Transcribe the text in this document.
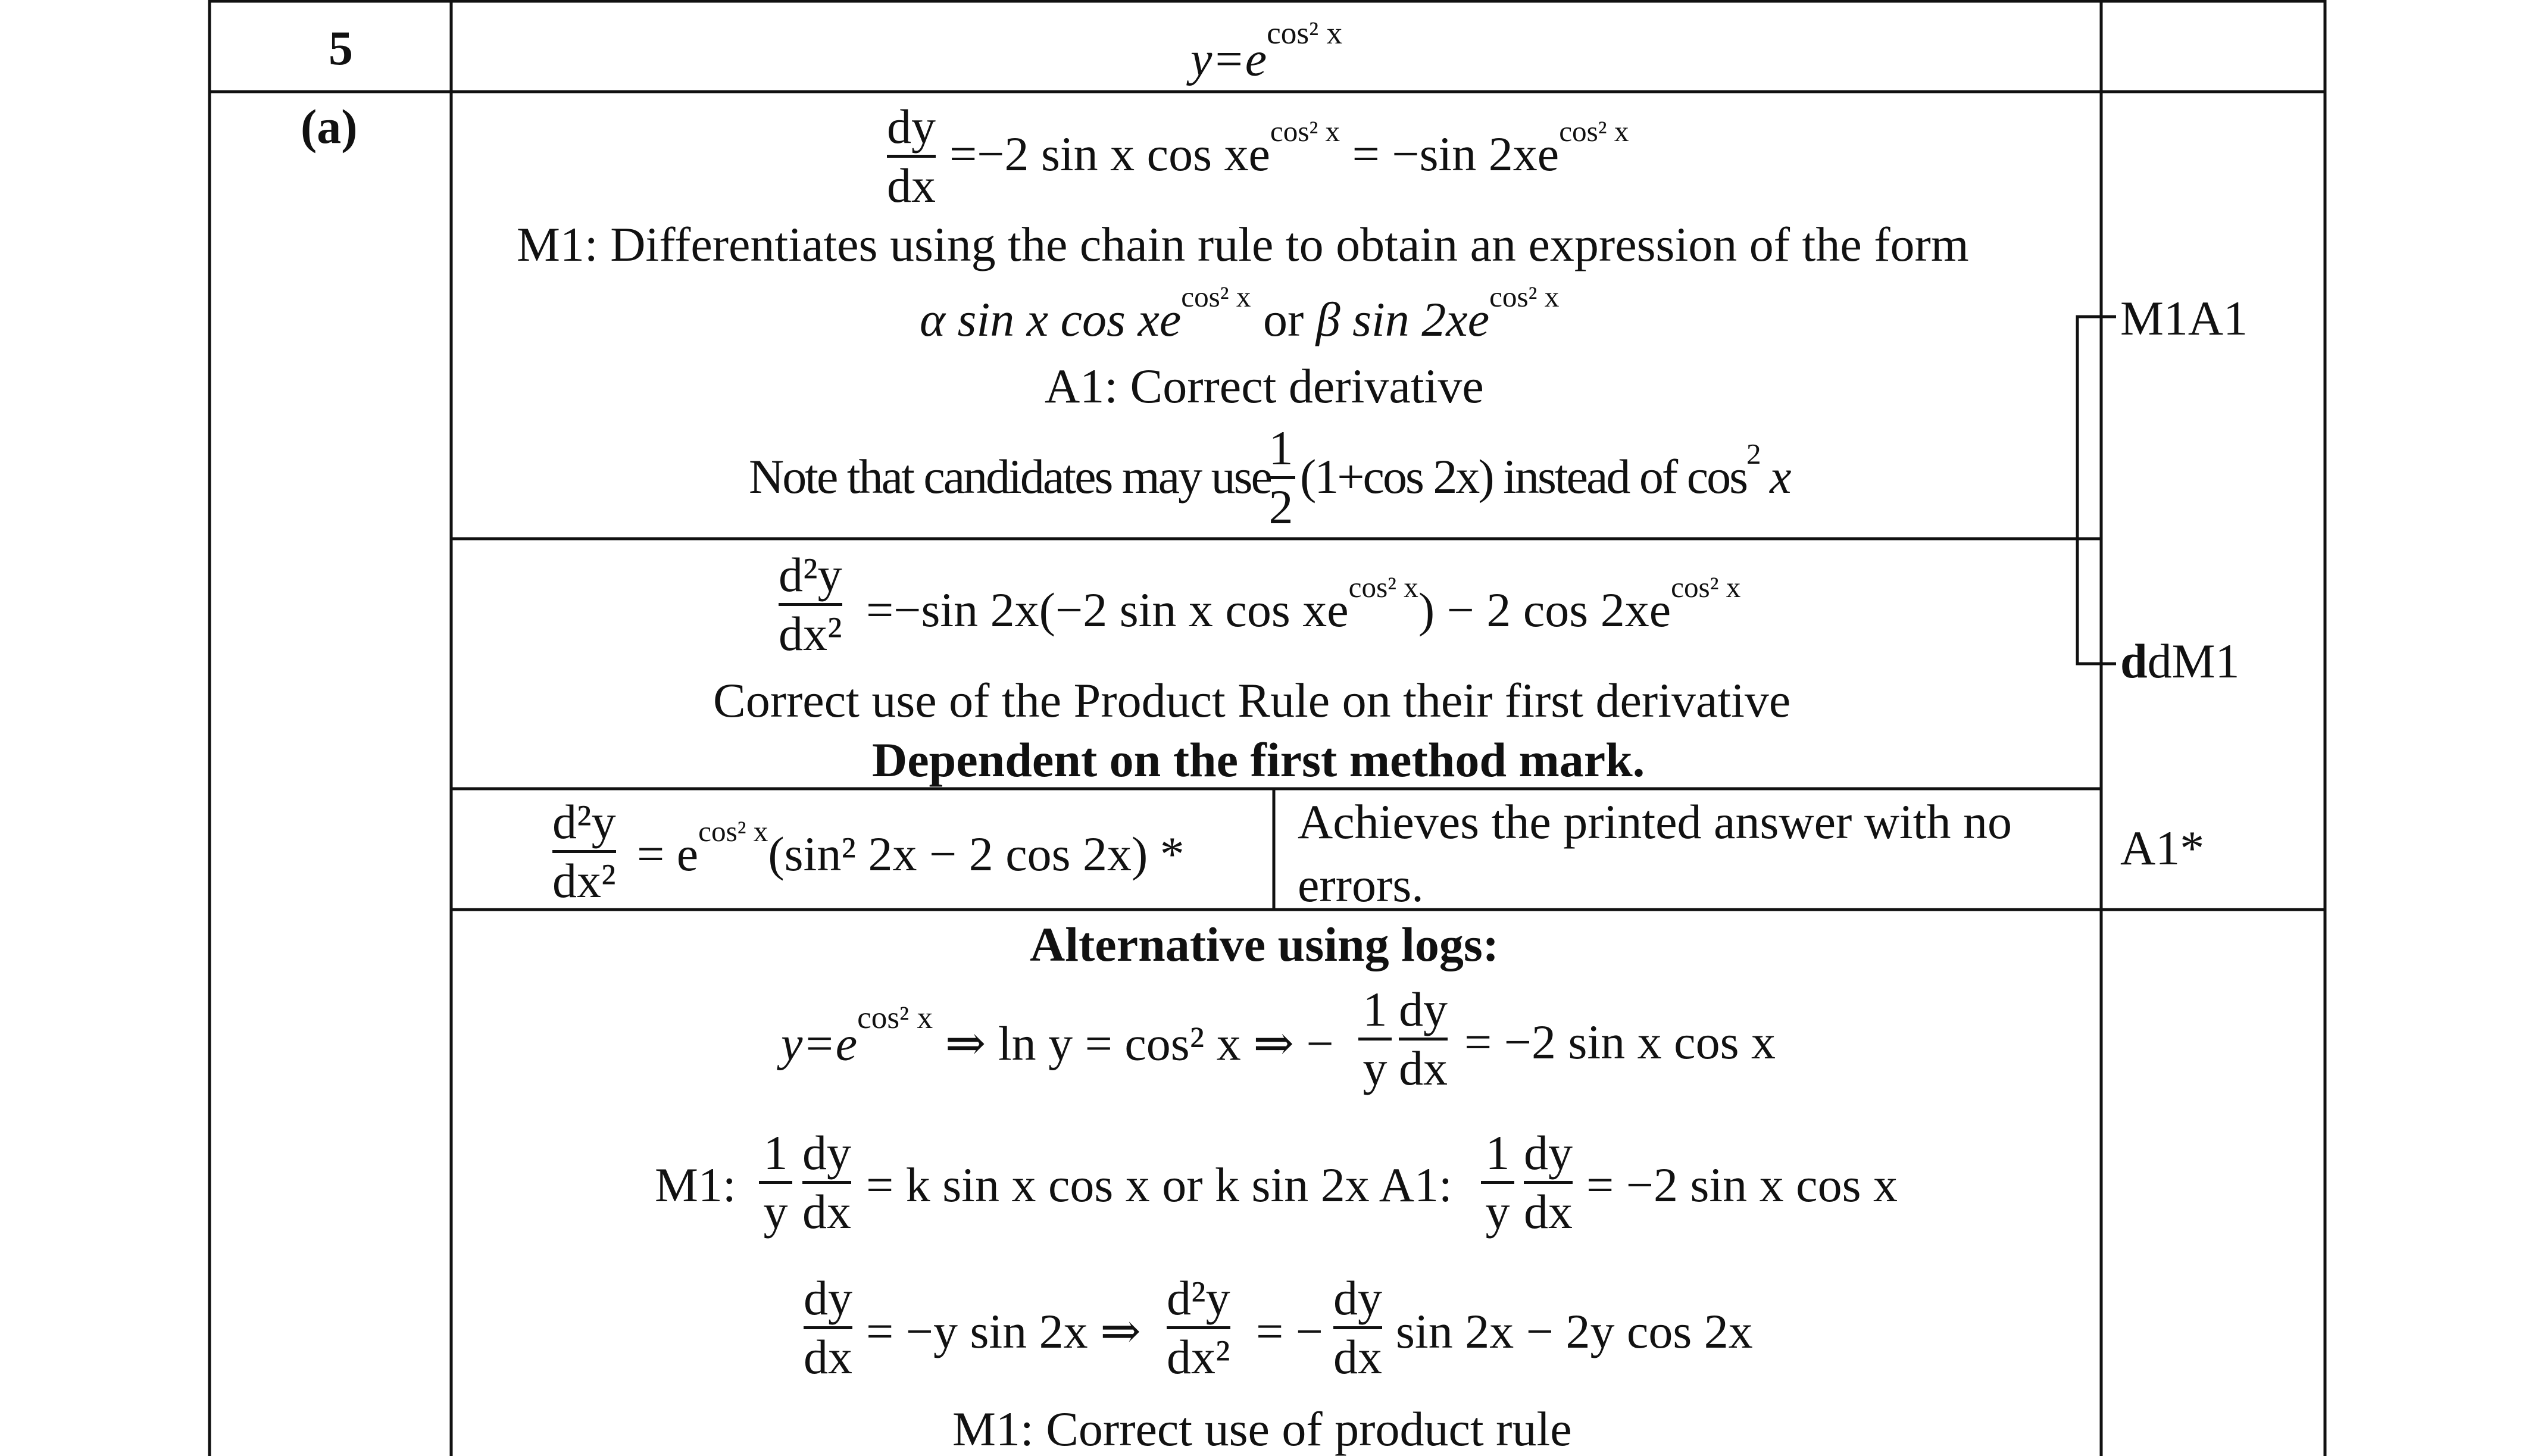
5
(a)
$y=e^{cos^2 x}$
dy
dx
=−2 sin x $\cos xe^{cos^2 x} = -\sin$ $2xe^{cos^2 x}$
M1: Differentiates using the chain rule to obtain an expression of the form
α sin x $\cos xe^{cos^2 x}$ or β $\sin 2xe^{cos^2 x}$
A1: Correct derivative
Note that candidates may use
1
2
(1+cos 2x) instead of $\cos^2 x$
M1A1
d²y
dx² =−sin 2x(−2 sin x $\cos xe^{cos^2 x}) - 2$ $\cos 2xe^{cos^2 x}$
Correct use of the Product Rule on their first derivative
Dependent on the first method mark.
ddM1
d²y
$dx^2 = e^{cos^2 x}(\sin^2$ 2x − 2 cos 2x) *
Achieves the printed answer with no
errors.
A1*
Alternative using logs:
$y=e^{cos^2 x}$ ⇒ ln y = cos² x ⇒ −
1
y
dy
dx = −2 sin x cos x
M1:
1
y
dy
dx = k sin x cos x or k sin 2x A1:
1
y
dy
dx = −2 sin x cos x
dy
dx = −y sin 2x ⇒
d²y
dx² = −
dy
dx sin 2x − 2y cos 2x
M1: Correct use of product rule
